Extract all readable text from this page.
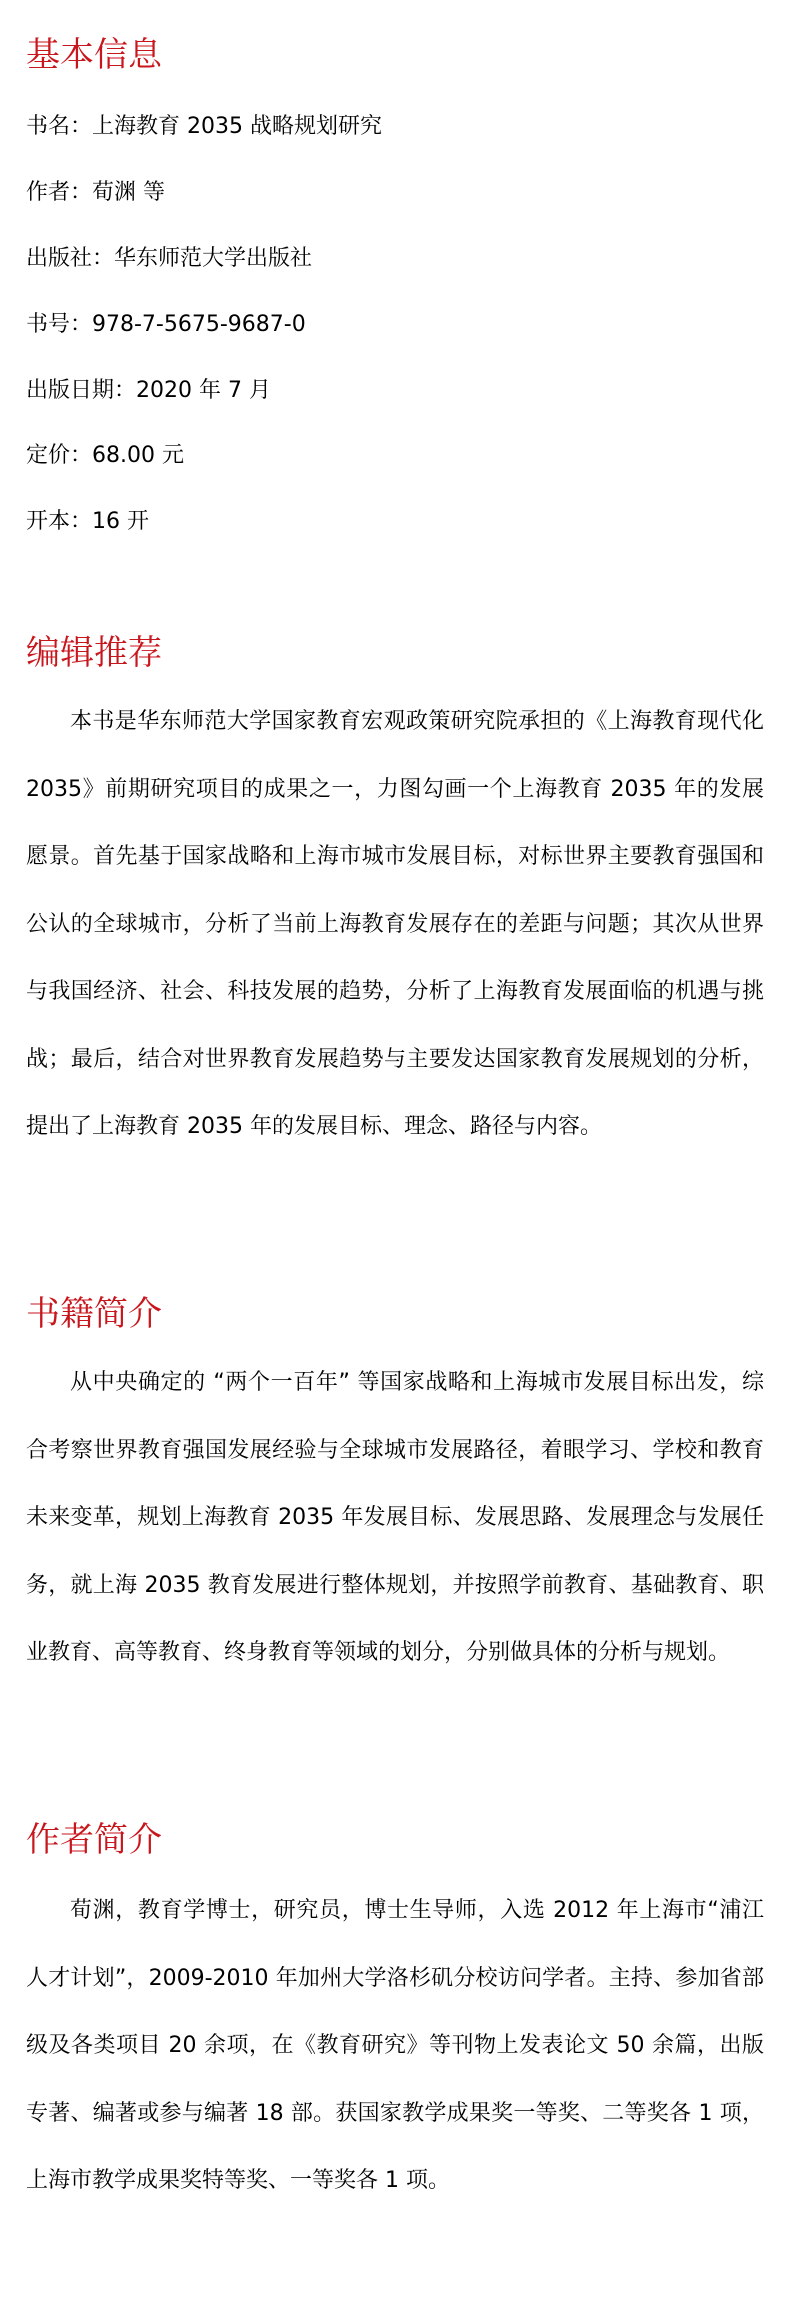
基本信息

书名：上海教育 2035 战略规划研究

作者：荀渊 等

出版社：华东师范大学出版社

书号：978-7-5675-9687-0

出版日期：2020 年 7 月

定价：68.00 元

开本：16 开

编辑推荐

本书是华东师范大学国家教育宏观政策研究院承担的《上海教育现代化 2035》前期研究项目的成果之一，力图勾画一个上海教育 2035 年的发展愿景。首先基于国家战略和上海市城市发展目标，对标世界主要教育强国和公认的全球城市，分析了当前上海教育发展存在的差距与问题；其次从世界与我国经济、社会、科技发展的趋势，分析了上海教育发展面临的机遇与挑战；最后，结合对世界教育发展趋势与主要发达国家教育发展规划的分析，提出了上海教育 2035 年的发展目标、理念、路径与内容。

书籍简介

从中央确定的 “两个一百年” 等国家战略和上海城市发展目标出发，综合考察世界教育强国发展经验与全球城市发展路径，着眼学习、学校和教育未来变革，规划上海教育 2035 年发展目标、发展思路、发展理念与发展任务，就上海 2035 教育发展进行整体规划，并按照学前教育、基础教育、职业教育、高等教育、终身教育等领域的划分，分别做具体的分析与规划。

作者简介

荀渊，教育学博士，研究员，博士生导师，入选 2012 年上海市“浦江人才计划”，2009-2010 年加州大学洛杉矶分校访问学者。主持、参加省部级及各类项目 20 余项，在《教育研究》等刊物上发表论文 50 余篇，出版专著、编著或参与编著 18 部。获国家教学成果奖一等奖、二等奖各 1 项，上海市教学成果奖特等奖、一等奖各 1 项。
